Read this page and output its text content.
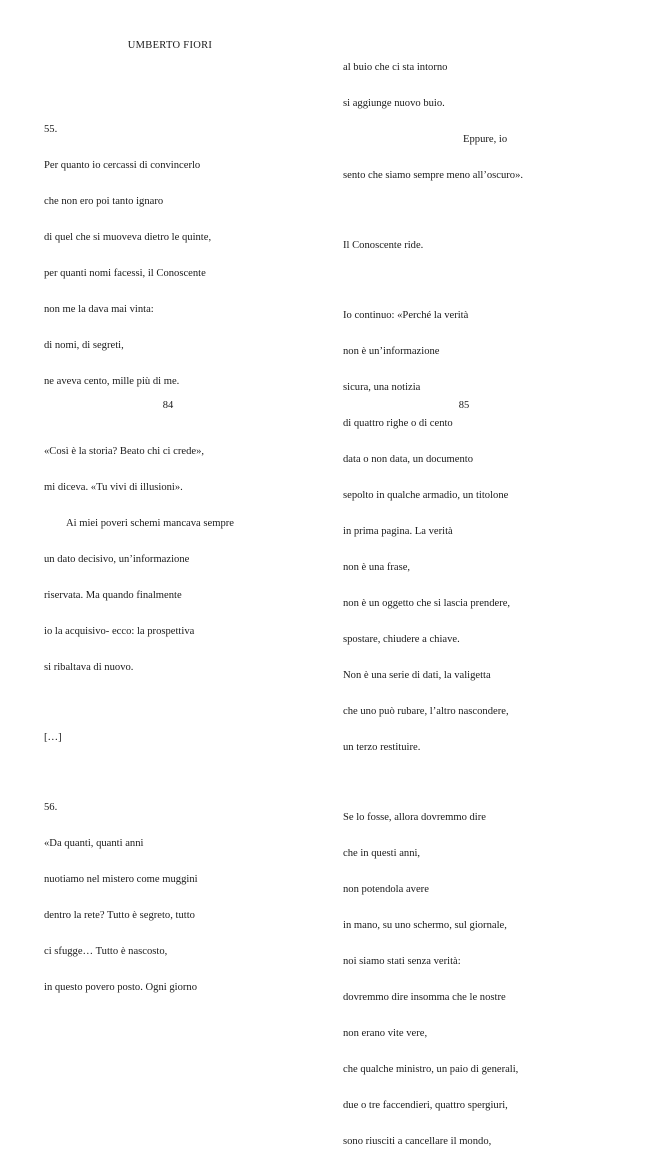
UMBERTO FIORI

55.

Per quanto io cercassi di convincerlo

che non ero poi tanto ignaro

di quel che si muoveva dietro le quinte,

per quanti nomi facessi, il Conoscente

non me la dava mai vinta:

di nomi, di segreti,

ne aveva cento, mille più di me.

«Così è la storia? Beato chi ci crede»,

mi diceva. «Tu vivi di illusioni».

Ai miei poveri schemi mancava sempre

un dato decisivo, un’informazione

riservata. Ma quando finalmente

io la acquisivo- ecco: la prospettiva

si ribaltava di nuovo.

[…]

56.

«Da quanti, quanti anni

nuotiamo nel mistero come muggini

dentro la rete? Tutto è segreto, tutto

ci sfugge… Tutto è nascosto,

in questo povero posto. Ogni giorno

84

al buio che ci sta intorno

si aggiunge nuovo buio.

Eppure, io

sento che siamo sempre meno all’oscuro».

Il Conoscente ride.

Io continuo: «Perché la verità

non è un’informazione

sicura, una notizia

di quattro righe o di cento

data o non data, un documento

sepolto in qualche armadio, un titolone

in prima pagina. La verità

non è una frase,

non è un oggetto che si lascia prendere,

spostare, chiudere a chiave.

Non è una serie di dati, la valigetta

che uno può rubare, l’altro nascondere,

un terzo restituire.

Se lo fosse, allora dovremmo dire

che in questi anni,

non potendola avere

in mano, su uno schermo, sul giornale,

noi siamo stati senza verità:

dovremmo dire insomma che le nostre

non erano vite vere,

che qualche ministro, un paio di generali,

due o tre faccendieri, quattro spergiuri,

sono riusciti a cancellare il mondo,

85
